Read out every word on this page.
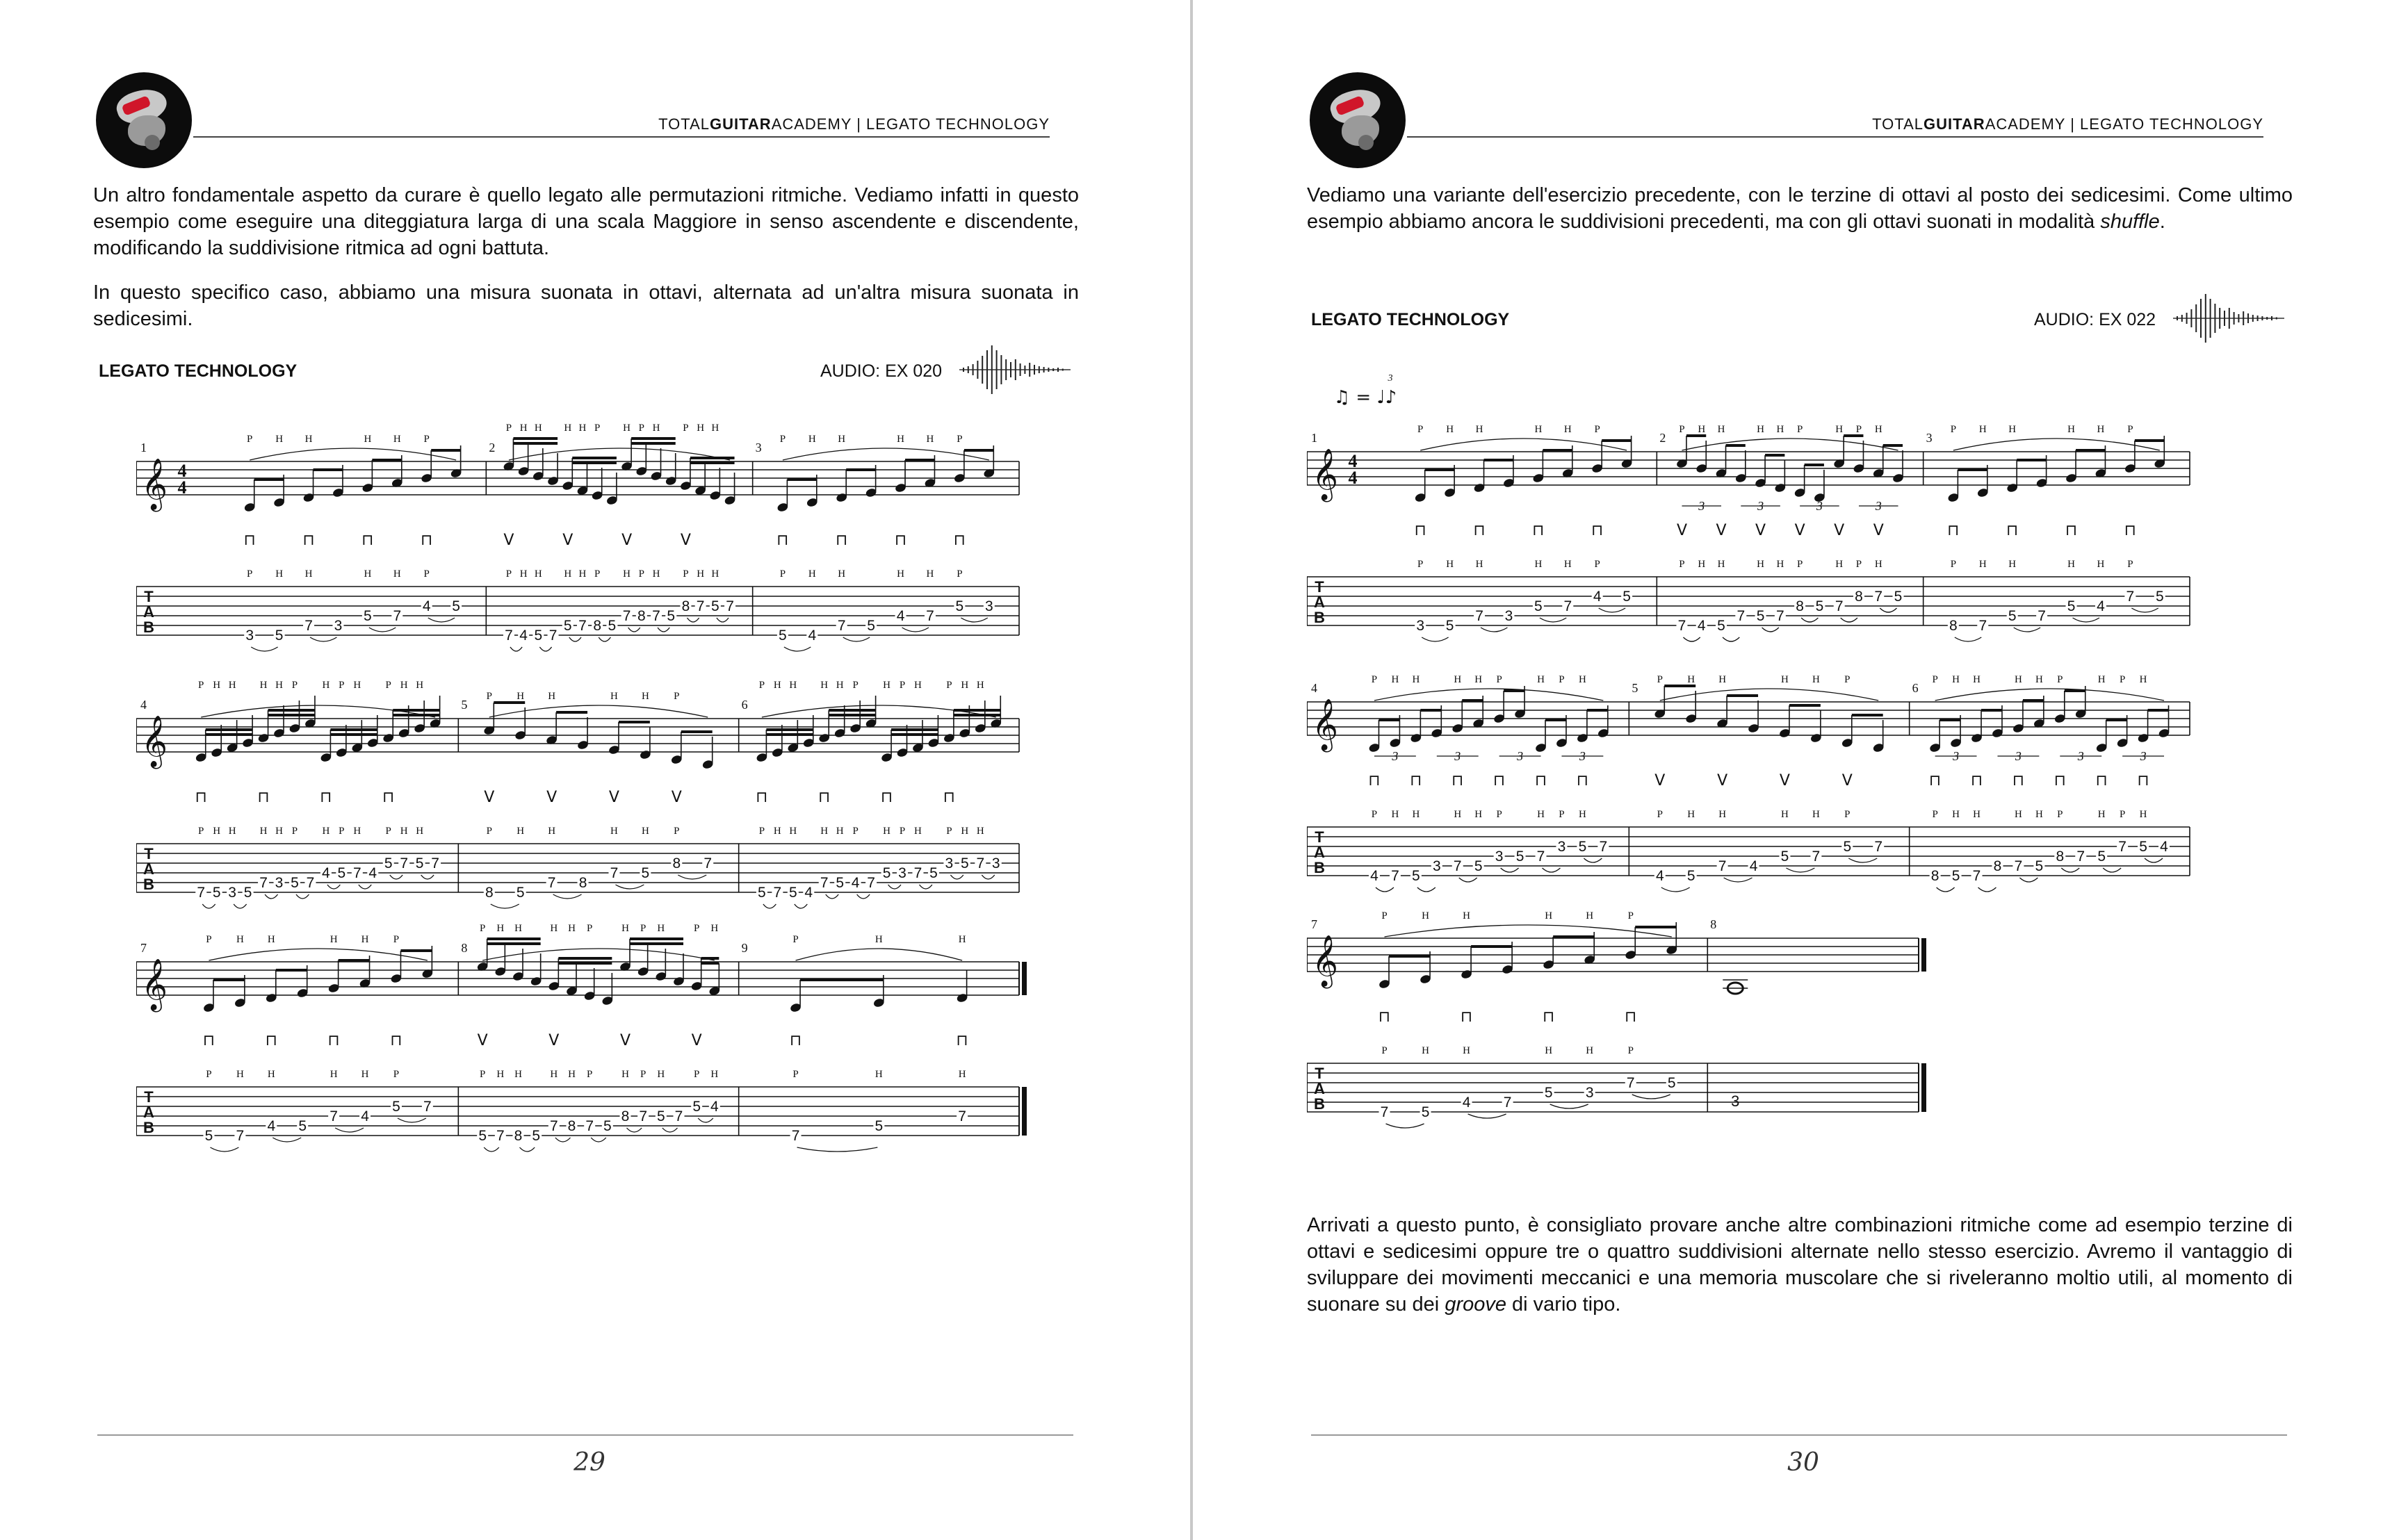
TOTALGUITARACADEMY | LEGATO TECHNOLOGY

Un altro fondamentale aspetto da curare è quello legato alle permutazioni ritmiche. Vediamo infatti in questo esempio come eseguire una diteggiatura larga di una scala Maggiore in senso ascendente e discendente, modificando la suddivisione ritmica ad ogni battuta.

In questo specifico caso, abbiamo una misura suonata in ottavi, alternata ad un'altra misura suonata in sedicesimi.

LEGATO TECHNOLOGY	AUDIO: EX 020
𝄞 4
4
T
A
B
1
P
⊓
P
3
H
H
5
H
⊓
H
7 3
H
⊓
H
5
H
H
7
P
⊓
P
4 5
2
P
V
P
7
H
H
4
H
H
5 7
H
V
H
5
H
H
7
P
P
8 5
H
V
H
7
P
P
8
H
H
7 5
P
V
P
8
H
H
7
H
H
5 7
3
P
⊓
P
5
H
H
4
H
⊓
H
7 5
H
⊓
H
4
H
H
7
P
⊓
P
5 3
𝄞
T
A
B
4
P
⊓
P
7
H
H
5
H
H
3 5
H
⊓
H
7
H
H
3
P
P
5 7
H
⊓
H
4
P
P
5
H
H
7 4
P
⊓
P
5
H
H
7
H
H
5 7
5
P
V
P
8
H
H
5
H
V
H
7 8
H
V
H
7
H
H
5
P
V
P
8 7
6
P
⊓
P
5
H
H
7
H
H
5 4
H
⊓
H
7
H
H
5
P
P
4 7
H
⊓
H
5
P
P
3
H
H
7 5
P
⊓
P
3
H
H
5
H
H
7 3
𝄞
T
A
B
7
P
⊓
P
5
H
H
7
H
⊓
H
4 5
H
⊓
H
7
H
H
4
P
⊓
P
5 7
8
P
V
P
5
H
H
7
H
H
8 5
H
V
H
7
H
H
8
P
P
7 5
H
V
H
8
P
P
7
H
H
5 7
P
V
P
5
H
H
4
9
P
⊓
P
7
H
H
5
H
⊓
H
7
29
TOTALGUITARACADEMY | LEGATO TECHNOLOGY

Vediamo una variante dell'esercizio precedente, con le terzine di ottavi al posto dei sedicesimi. Come ultimo esempio abbiamo ancora le suddivisioni precedenti, ma con gli ottavi suonati in modalità shuffle.

LEGATO TECHNOLOGY	AUDIO: EX 022
♫ = ♩♪
3
𝄞 4
4
T
A
B
1
P
⊓
P
3
H
H
5
H
⊓
H
7 3
H
⊓
H
5
H
H
7
P
⊓
P
4 5
2
P
V
P
7
H
H
4
H
V
H
5
7
H
V
H
5
H
H
7
P
V
P
8 5
H
V
H
7
P
P
8
H
V
H
7 5
3	3	3	3
3
P
⊓
P
8
H
H
7
H
⊓
H
5 7
H
⊓
H
5
H
H
4
P
⊓
P
7 5
𝄞
T
A
B
4
P
⊓
P
4
H
H
7
H
⊓
H
5
3
H
⊓
H
7
H
H
5
P
⊓
P
3 5
H
⊓
H
7
P
P
3
H
⊓
H
5 7
3	3	3	3
5
P
V
P
4
H
H
5
H
V
H
7 4
H
V
H
5
H
H
7
P
V
P
5 7
6
P
⊓
P
8
H
H
5
H
⊓
H
7
8
H
⊓
H
7
H
H
5
P
⊓
P
8 7
H
⊓
H
5
P
P
7
H
⊓
H
5 4
3	3	3	3
𝄞
T
A
B
7
P
⊓
P
7
H
H
5
H
⊓
H
4 7
H
⊓
H
5
H
H
3
P
⊓
P
7 5
8
3

Arrivati a questo punto, è consigliato provare anche altre combinazioni ritmiche come ad esempio terzine di ottavi e sedicesimi oppure tre o quattro suddivisioni alternate nello stesso esercizio. Avremo il vantaggio di sviluppare dei movimenti meccanici e una memoria muscolare che si riveleranno moltio utili, al momento di suonare su dei groove di vario tipo.

30
